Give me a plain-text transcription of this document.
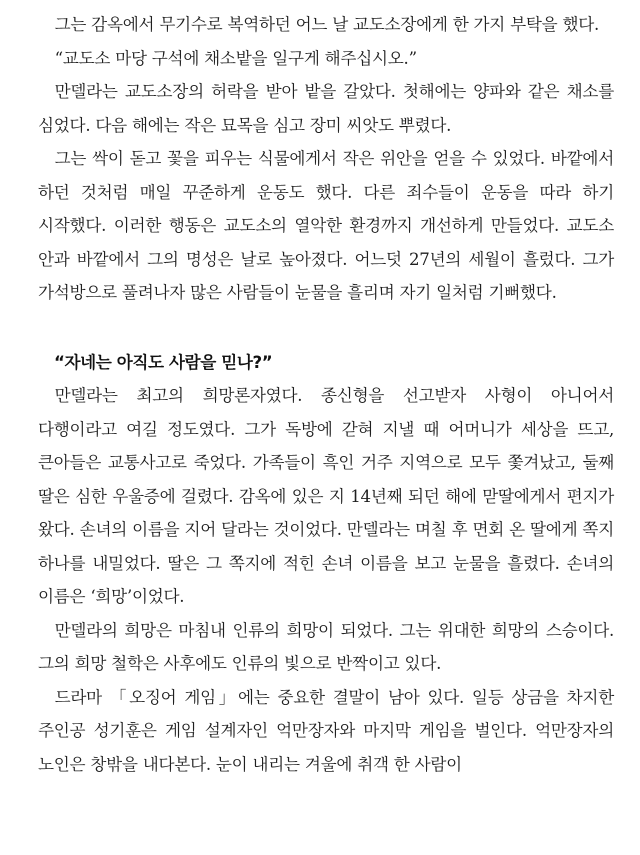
그는 감옥에서 무기수로 복역하던 어느 날 교도소장에게 한 가지 부탁을 했다.

“교도소 마당 구석에 채소밭을 일구게 해주십시오.”

만델라는 교도소장의 허락을 받아 밭을 갈았다. 첫해에는 양파와 같은 채소를 심었다. 다음 해에는 작은 묘목을 심고 장미 씨앗도 뿌렸다.

그는 싹이 돋고 꽃을 피우는 식물에게서 작은 위안을 얻을 수 있었다. 바깥에서 하던 것처럼 매일 꾸준하게 운동도 했다. 다른 죄수들이 운동을 따라 하기 시작했다. 이러한 행동은 교도소의 열악한 환경까지 개선하게 만들었다. 교도소 안과 바깥에서 그의 명성은 날로 높아졌다. 어느덧 27년의 세월이 흘렀다. 그가 가석방으로 풀려나자 많은 사람들이 눈물을 흘리며 자기 일처럼 기뻐했다.

“자네는 아직도 사람을 믿나?”

만델라는 최고의 희망론자였다. 종신형을 선고받자 사형이 아니어서 다행이라고 여길 정도였다. 그가 독방에 갇혀 지낼 때 어머니가 세상을 뜨고, 큰아들은 교통사고로 죽었다. 가족들이 흑인 거주 지역으로 모두 쫓겨났고, 둘째 딸은 심한 우울증에 걸렸다. 감옥에 있은 지 14년째 되던 해에 맏딸에게서 편지가 왔다. 손녀의 이름을 지어 달라는 것이었다. 만델라는 며칠 후 면회 온 딸에게 쪽지 하나를 내밀었다. 딸은 그 쪽지에 적힌 손녀 이름을 보고 눈물을 흘렸다. 손녀의 이름은 ‘희망’이었다.

만델라의 희망은 마침내 인류의 희망이 되었다. 그는 위대한 희망의 스승이다. 그의 희망 철학은 사후에도 인류의 빛으로 반짝이고 있다.

드라마 「오징어 게임」에는 중요한 결말이 남아 있다. 일등 상금을 차지한 주인공 성기훈은 게임 설계자인 억만장자와 마지막 게임을 벌인다. 억만장자의 노인은 창밖을 내다본다. 눈이 내리는 겨울에 취객 한 사람이
